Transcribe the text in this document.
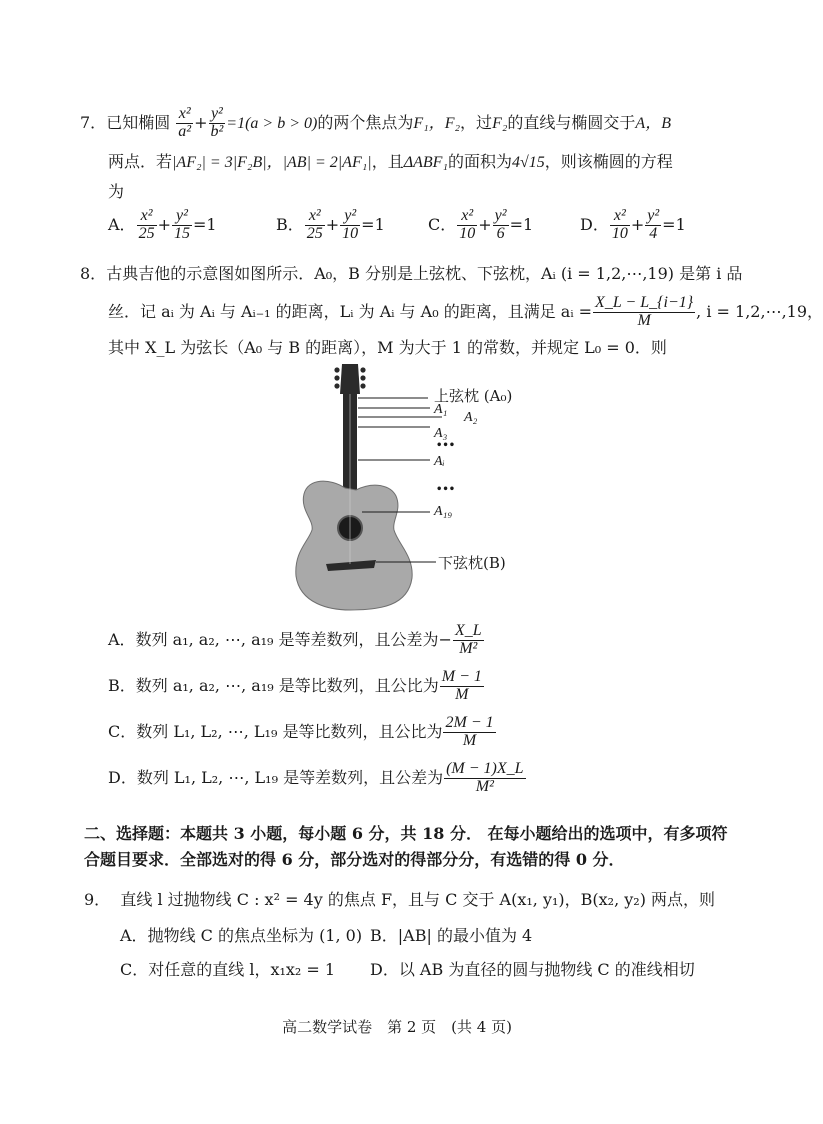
7．已知椭圆 $\frac{\text{x²}}{\text{a²}} + \frac{\text{y²}}{\text{b²}} =1(a > b > 0)$的两个焦点为F₁，F₂，过F₂的直线与椭圆交于A，B
两点．若|AF₂| = 3|F₂B|，|AB| = 2|AF₁|，且ΔABF₁的面积为4√15，则该椭圆的方程
为
A． $\frac{\text{x²}}{25} + \frac{\text{y²}}{15} =1$	B． $\frac{\text{x²}}{25} + \frac{\text{y²}}{10} =1$	C． $\frac{\text{x²}}{10} + \frac{\text{y²}}{6} =1$	D． $\frac{\text{x²}}{10} + \frac{\text{y²}}{4} =1$
8．古典吉他的示意图如图所示．A₀，B 分别是上弦枕、下弦枕，Aᵢ (i = 1,2,⋯,19) 是第 i 品
丝．记 aᵢ 为 Aᵢ 与 Aᵢ₋₁ 的距离，Lᵢ 为 Aᵢ 与 A₀ 的距离，且满足 aᵢ = $\frac{X\_L - L\_\{i-1\}}{M}$ , i = 1,2,⋯,19，
其中 X_L 为弦长（A₀ 与 B 的距离），M 为大于 1 的常数，并规定 L₀ = 0．则
上弦枕 (A₀)
A₁
A₂
A₃
•••
Aᵢ
•••
A₁₉
下弦枕(B)
A．数列 a₁, a₂, ⋯, a₁₉ 是等差数列，且公差为− $\frac{X\_L}{\text{M²}}$
B．数列 a₁, a₂, ⋯, a₁₉ 是等比数列，且公比为 $\frac{M - 1}{M}$
C．数列 L₁, L₂, ⋯, L₁₉ 是等比数列，且公比为 $\frac{2M - 1}{M}$
D．数列 L₁, L₂, ⋯, L₁₉ 是等差数列，且公差为 $\frac{(M - 1)X\_L}{\text{M²}}$
二、选择题：本题共 3 小题，每小题 6 分，共 18 分． 在每小题给出的选项中，有多项符
合题目要求．全部选对的得 6 分，部分选对的得部分分，有选错的得 0 分．
9． 直线 l 过抛物线 C : x² = 4y 的焦点 F，且与 C 交于 A(x₁, y₁)，B(x₂, y₂) 两点，则
A．抛物线 C 的焦点坐标为 (1, 0) B．|AB| 的最小值为 4
C．对任意的直线 l，x₁x₂ = 1 D．以 AB 为直径的圆与抛物线 C 的准线相切
高二数学试卷　第 2 页　(共 4 页)
